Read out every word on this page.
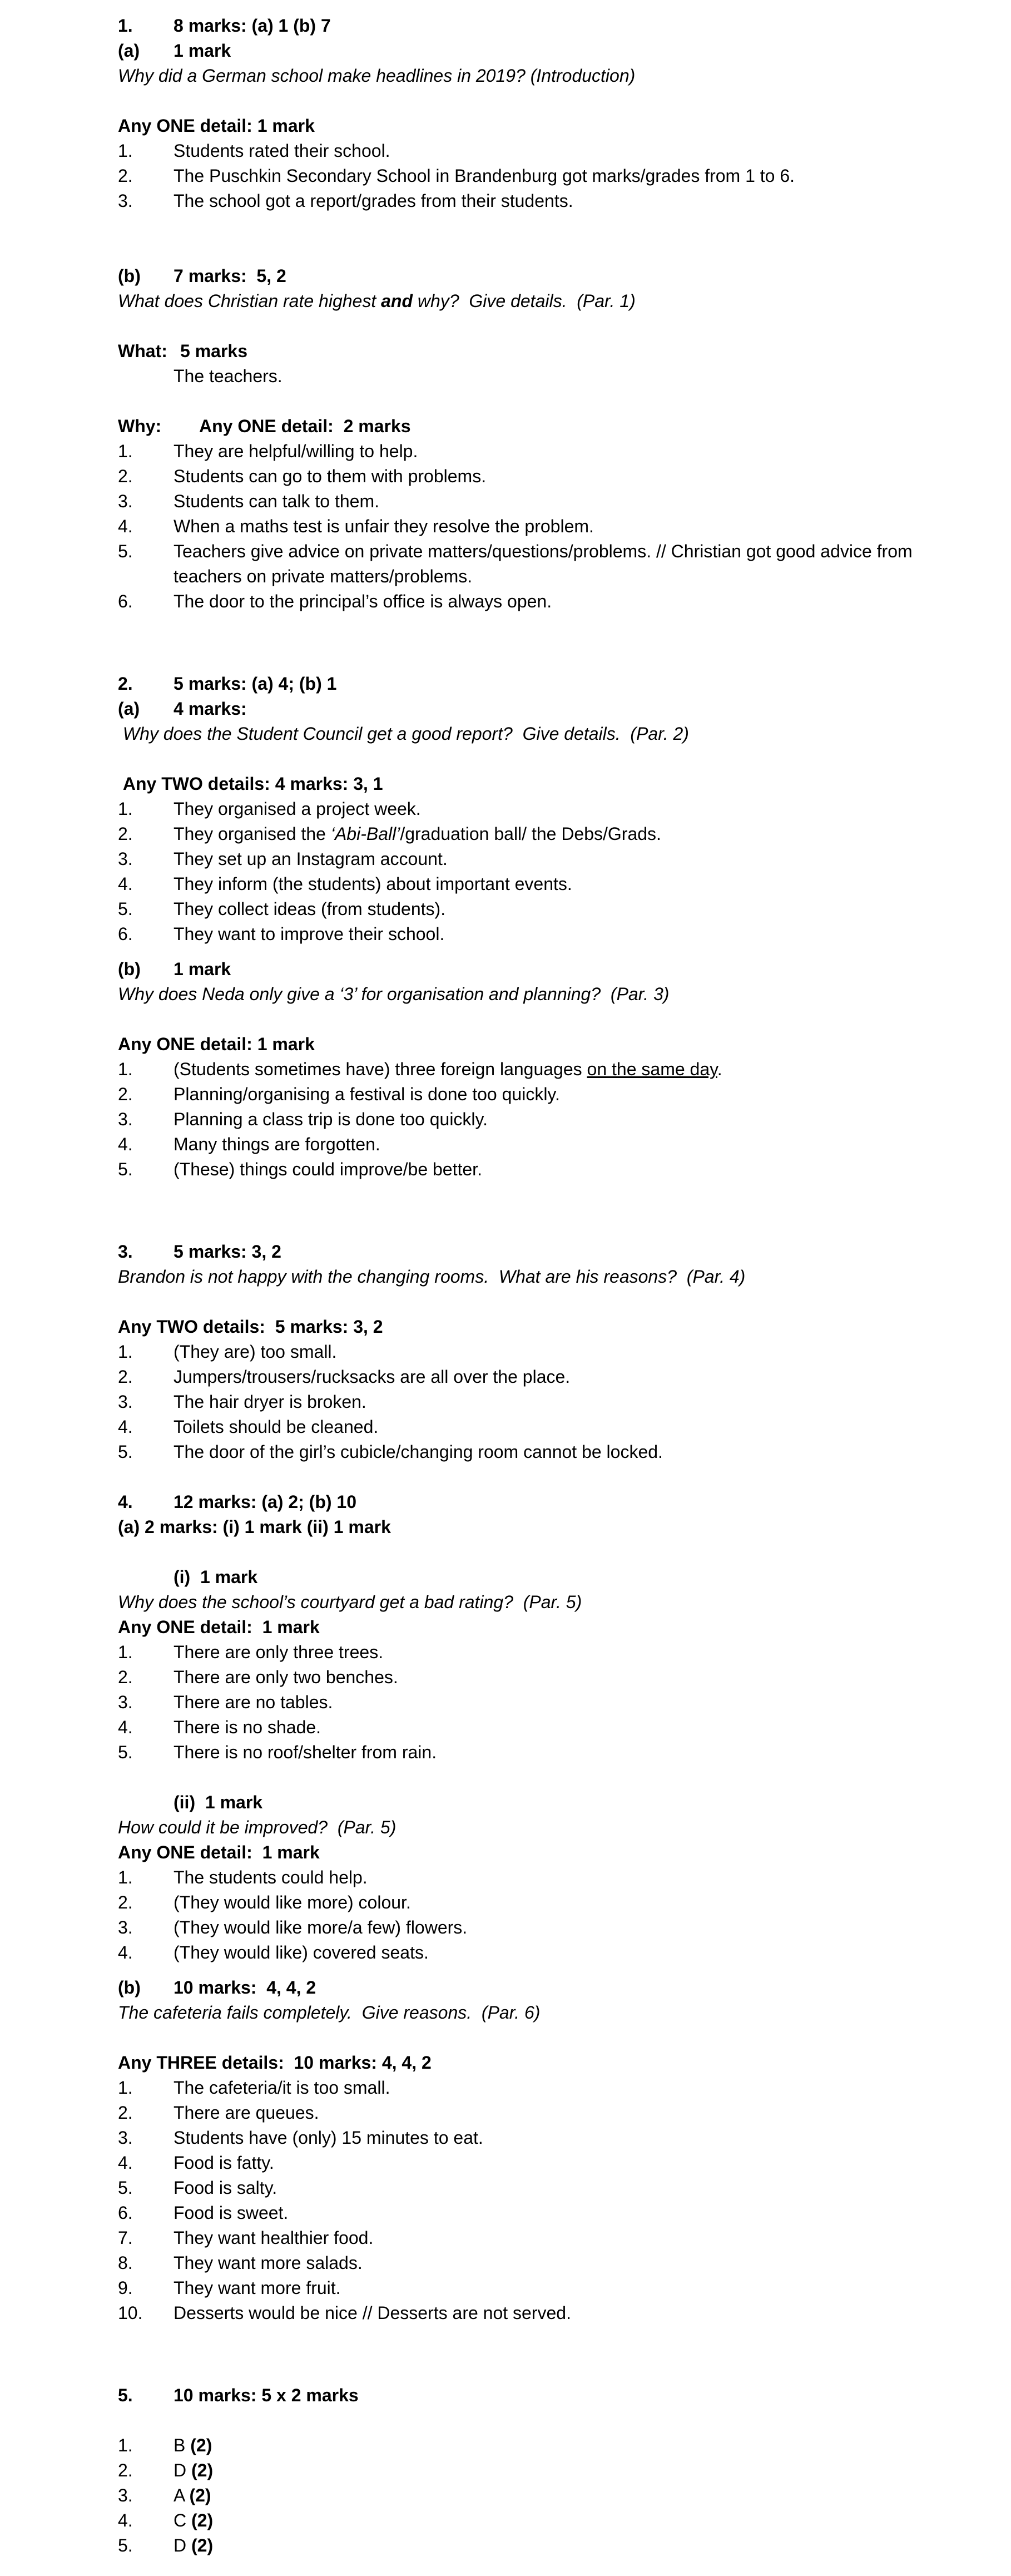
1.	8 marks: (a) 1 (b) 7
(a)	1 mark
Why did a German school make headlines in 2019? (Introduction)
Any ONE detail: 1 mark
1.	Students rated their school.
2.	The Puschkin Secondary School in Brandenburg got marks/grades from 1 to 6.
3.	The school got a report/grades from their students.
(b)	7 marks:  5, 2
What does Christian rate highest and why?  Give details.  (Par. 1)
What: 5 marks
The teachers.
Why:	Any ONE detail:  2 marks
1.	They are helpful/willing to help.
2.	Students can go to them with problems.
3.	Students can talk to them.
4.	When a maths test is unfair they resolve the problem.
5.	Teachers give advice on private matters/questions/problems. // Christian got good advice from teachers on private matters/problems.
6.	The door to the principal’s office is always open.
2.	5 marks: (a) 4; (b) 1
(a)	4 marks:
Why does the Student Council get a good report?  Give details.  (Par. 2)
Any TWO details: 4 marks: 3, 1
1.	They organised a project week.
2.	They organised the ‘Abi-Ball’/graduation ball/ the Debs/Grads.
3.	They set up an Instagram account.
4.	They inform (the students) about important events.
5.	They collect ideas (from students).
6.	They want to improve their school.
(b)	1 mark
Why does Neda only give a ‘3’ for organisation and planning?  (Par. 3)
Any ONE detail: 1 mark
1.	(Students sometimes have) three foreign languages on the same day.
2.	Planning/organising a festival is done too quickly.
3.	Planning a class trip is done too quickly.
4.	Many things are forgotten.
5.	(These) things could improve/be better.
3.	5 marks: 3, 2
Brandon is not happy with the changing rooms.  What are his reasons?  (Par. 4)
Any TWO details:  5 marks: 3, 2
1.	(They are) too small.
2.	Jumpers/trousers/rucksacks are all over the place.
3.	The hair dryer is broken.
4.	Toilets should be cleaned.
5.	The door of the girl’s cubicle/changing room cannot be locked.
4.	12 marks: (a) 2; (b) 10
(a) 2 marks: (i) 1 mark (ii) 1 mark
(i)  1 mark
Why does the school’s courtyard get a bad rating?  (Par. 5)
Any ONE detail:  1 mark
1.	There are only three trees.
2.	There are only two benches.
3.	There are no tables.
4.	There is no shade.
5.	There is no roof/shelter from rain.
(ii)  1 mark
How could it be improved?  (Par. 5)
Any ONE detail:  1 mark
1.	The students could help.
2.	(They would like more) colour.
3.	(They would like more/a few) flowers.
4.	(They would like) covered seats.
(b)	10 marks:  4, 4, 2
The cafeteria fails completely.  Give reasons.  (Par. 6)
Any THREE details:  10 marks: 4, 4, 2
1.	The cafeteria/it is too small.
2.	There are queues.
3.	Students have (only) 15 minutes to eat.
4.	Food is fatty.
5.	Food is salty.
6.	Food is sweet.
7.	They want healthier food.
8.	They want more salads.
9.	They want more fruit.
10.	Desserts would be nice // Desserts are not served.
5.	10 marks: 5 x 2 marks
1.	B (2)
2.	D (2)
3.	A (2)
4.	C (2)
5.	D (2)
